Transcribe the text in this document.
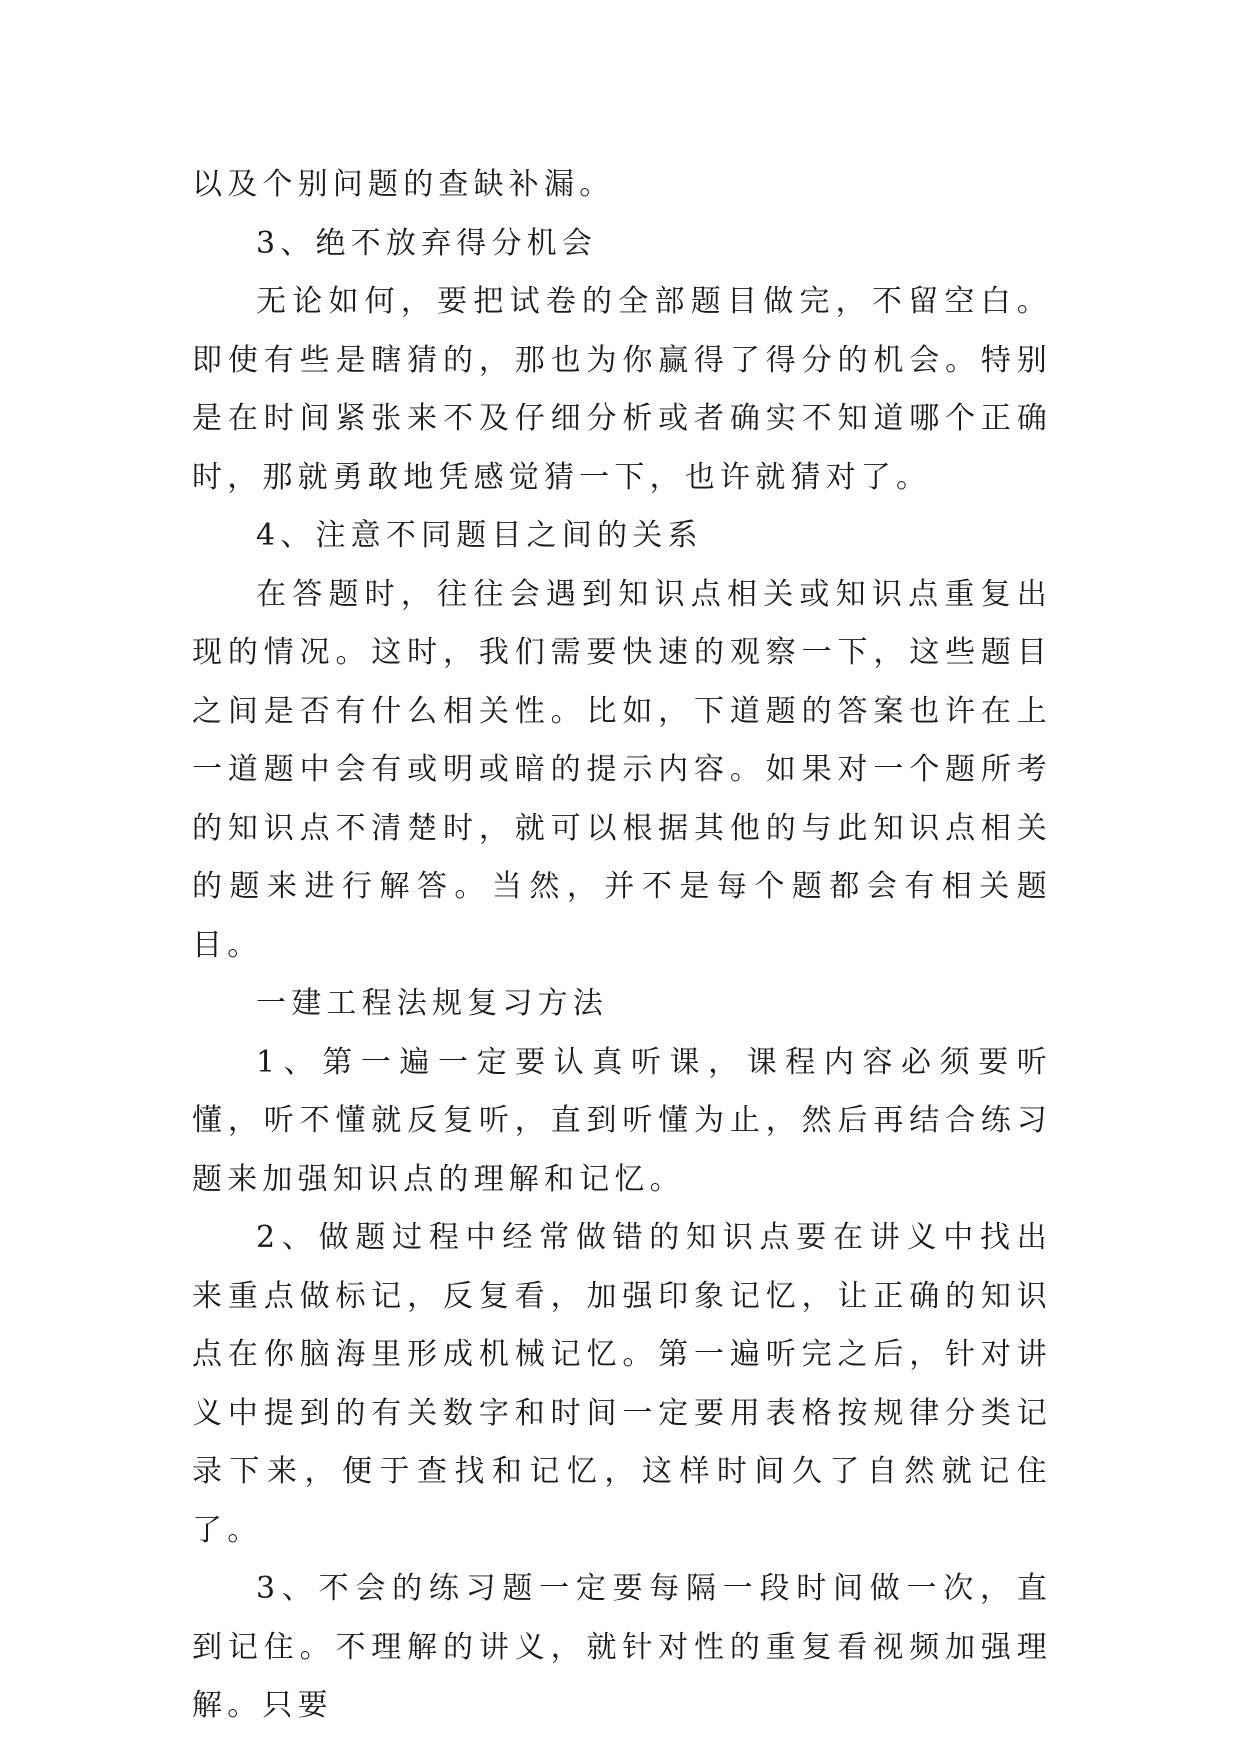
以及个别问题的查缺补漏。

3、绝不放弃得分机会

无论如何，要把试卷的全部题目做完，不留空白。即使有些是瞎猜的，那也为你赢得了得分的机会。特别是在时间紧张来不及仔细分析或者确实不知道哪个正确时，那就勇敢地凭感觉猜一下，也许就猜对了。

4、注意不同题目之间的关系

在答题时，往往会遇到知识点相关或知识点重复出现的情况。这时，我们需要快速的观察一下，这些题目之间是否有什么相关性。比如，下道题的答案也许在上一道题中会有或明或暗的提示内容。如果对一个题所考的知识点不清楚时，就可以根据其他的与此知识点相关的题来进行解答。当然，并不是每个题都会有相关题目。

一建工程法规复习方法

1、第一遍一定要认真听课，课程内容必须要听懂，听不懂就反复听，直到听懂为止，然后再结合练习题来加强知识点的理解和记忆。

2、做题过程中经常做错的知识点要在讲义中找出来重点做标记，反复看，加强印象记忆，让正确的知识点在你脑海里形成机械记忆。第一遍听完之后，针对讲义中提到的有关数字和时间一定要用表格按规律分类记录下来，便于查找和记忆，这样时间久了自然就记住了。

3、不会的练习题一定要每隔一段时间做一次，直到记住。不理解的讲义，就针对性的重复看视频加强理解。只要
